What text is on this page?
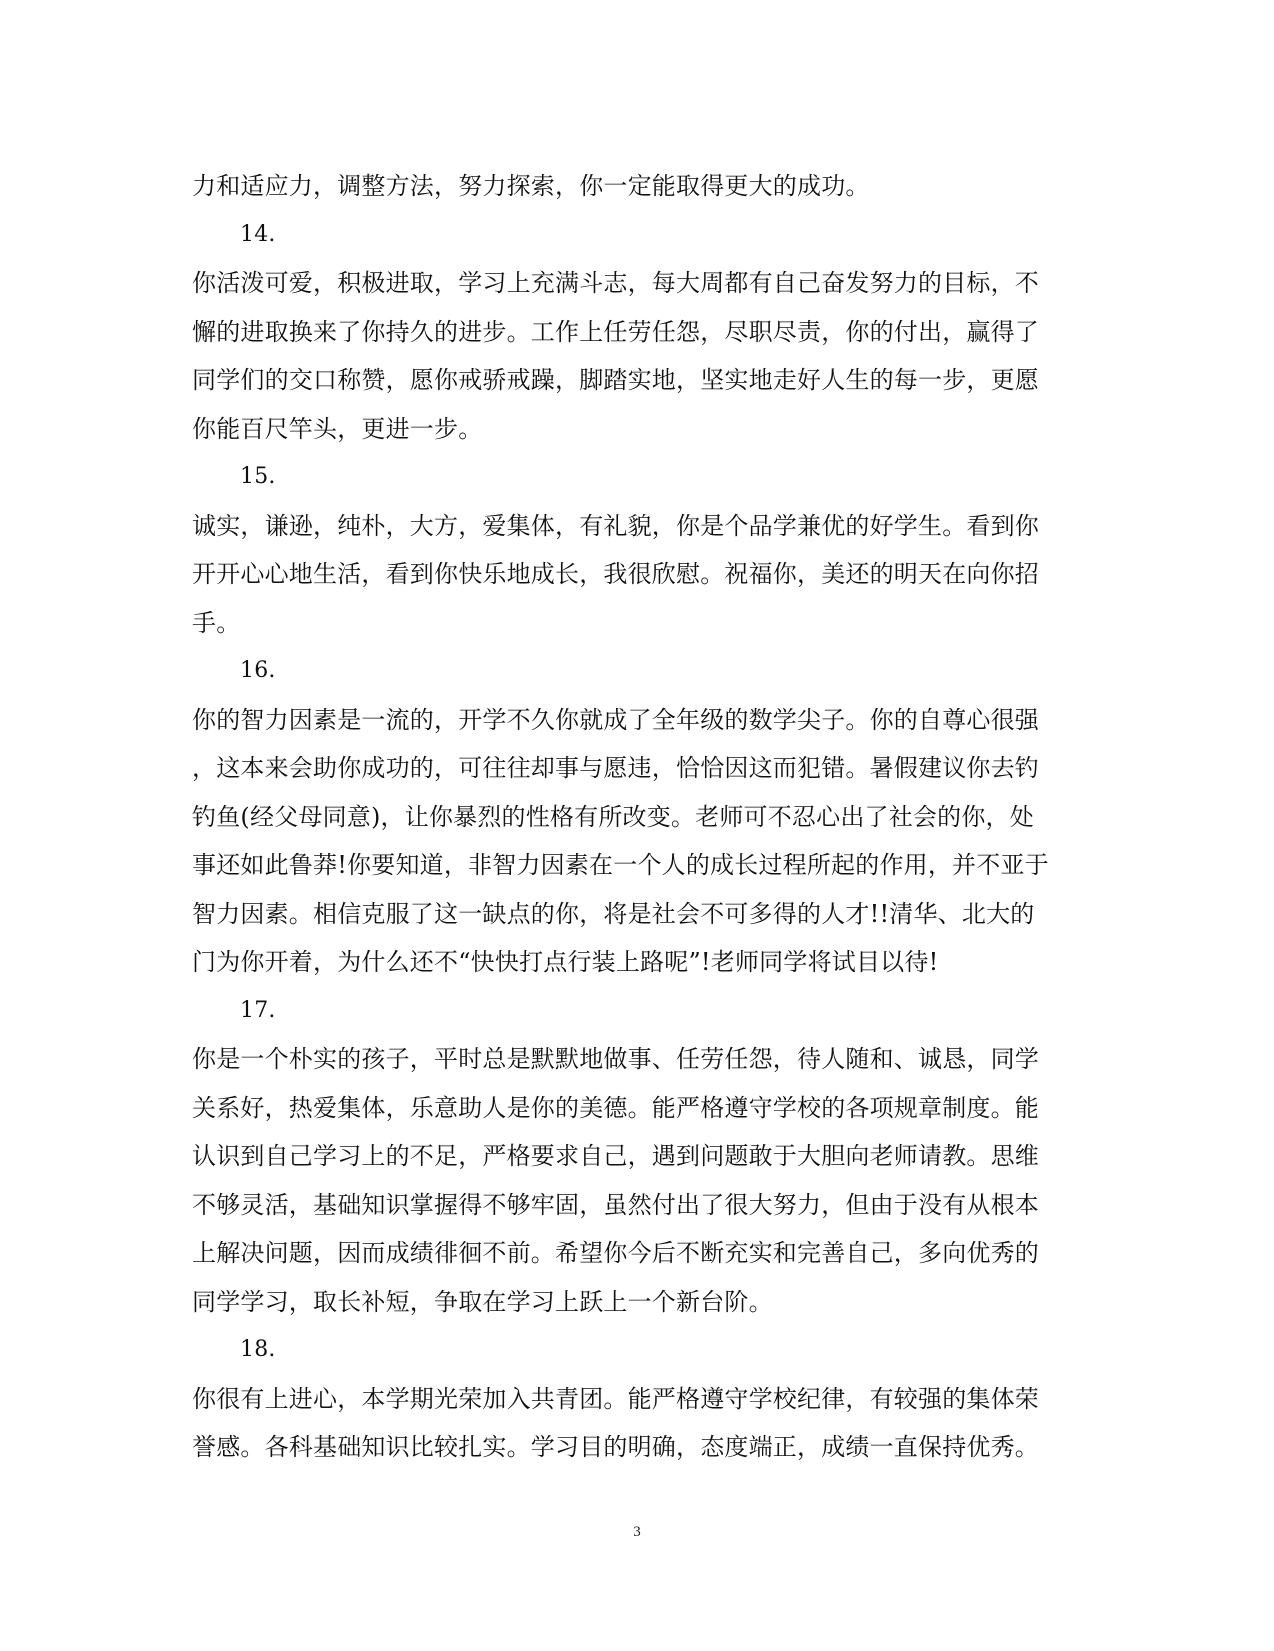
力和适应力，调整方法，努力探索，你一定能取得更大的成功。
14.
你活泼可爱，积极进取，学习上充满斗志，每大周都有自己奋发努力的目标，不
懈的进取换来了你持久的进步。工作上任劳任怨，尽职尽责，你的付出，赢得了
同学们的交口称赞，愿你戒骄戒躁，脚踏实地，坚实地走好人生的每一步，更愿
你能百尺竿头，更进一步。
15.
诚实，谦逊，纯朴，大方，爱集体，有礼貌，你是个品学兼优的好学生。看到你
开开心心地生活，看到你快乐地成长，我很欣慰。祝福你，美还的明天在向你招
手。
16.
你的智力因素是一流的，开学不久你就成了全年级的数学尖子。你的自尊心很强
，这本来会助你成功的，可往往却事与愿违，恰恰因这而犯错。暑假建议你去钓
钓鱼(经父母同意)，让你暴烈的性格有所改变。老师可不忍心出了社会的你，处
事还如此鲁莽!你要知道，非智力因素在一个人的成长过程所起的作用，并不亚于
智力因素。相信克服了这一缺点的你，将是社会不可多得的人才!!清华、北大的
门为你开着，为什么还不“快快打点行装上路呢”!老师同学将试目以待!
17.
你是一个朴实的孩子，平时总是默默地做事、任劳任怨，待人随和、诚恳，同学
关系好，热爱集体，乐意助人是你的美德。能严格遵守学校的各项规章制度。能
认识到自己学习上的不足，严格要求自己，遇到问题敢于大胆向老师请教。思维
不够灵活，基础知识掌握得不够牢固，虽然付出了很大努力，但由于没有从根本
上解决问题，因而成绩徘徊不前。希望你今后不断充实和完善自己，多向优秀的
同学学习，取长补短，争取在学习上跃上一个新台阶。
18.
你很有上进心，本学期光荣加入共青团。能严格遵守学校纪律，有较强的集体荣
誉感。各科基础知识比较扎实。学习目的明确，态度端正，成绩一直保持优秀。
3
